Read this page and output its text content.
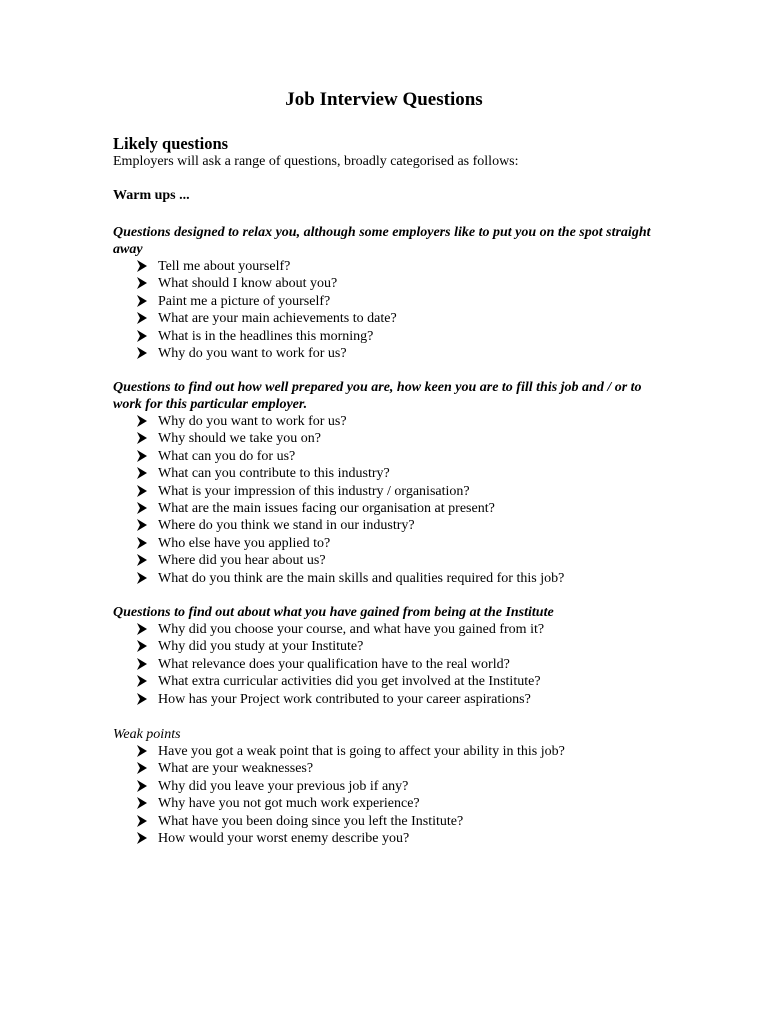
Job Interview Questions
Likely questions
Employers will ask a range of questions, broadly categorised as follows:
Warm ups ...
Questions designed to relax you, although some employers like to put you on the spot straight away
Tell me about yourself?
What should I know about you?
Paint me a picture of yourself?
What are your main achievements to date?
What is in the headlines this morning?
Why do you want to work for us?
Questions to find out how well prepared you are, how keen you are to fill this job and / or to work for this particular employer.
Why do you want to work for us?
Why should we take you on?
What can you do for us?
What can you contribute to this industry?
What is your impression of this industry / organisation?
What are the main issues facing our organisation at present?
Where do you think we stand in our industry?
Who else have you applied to?
Where did you hear about us?
What do you think are the main skills and qualities required for this job?
Questions to find out about what you have gained from being at the Institute
Why did you choose your course, and what have you gained from it?
Why did you study at your Institute?
What relevance does your qualification have to the real world?
What extra curricular activities did you get involved at the Institute?
How has your Project work contributed to your career aspirations?
Weak points
Have you got a weak point that is going to affect your ability in this job?
What are your weaknesses?
Why did you leave your previous job if any?
Why have you not got much work experience?
What have you been doing since you left the Institute?
How would your worst enemy describe you?
